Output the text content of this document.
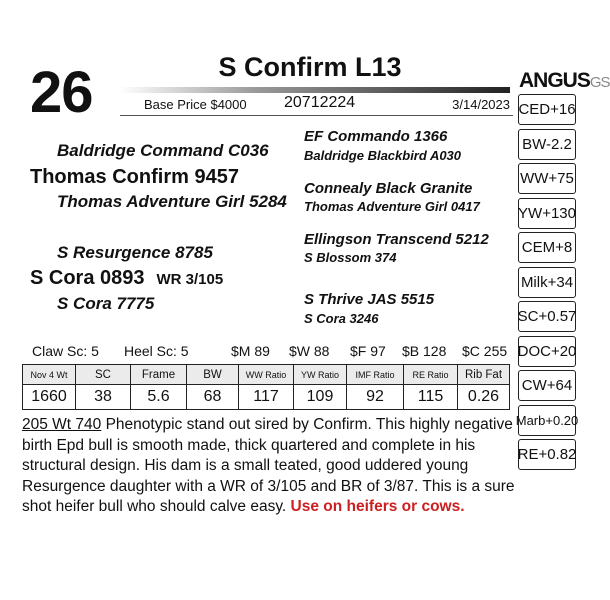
26	S Confirm L13
Base Price $4000 20712224	3/14/2023
ANGUSGS
CED+16
BW-2.2
WW+75
YW+130
CEM+8
Milk+34
SC+0.57
DOC+20
CW+64
Marb+0.20
RE+0.82
Baldridge Command C036
Thomas Confirm 9457
Thomas Adventure Girl 5284
S Resurgence 8785
S Cora 0893 WR 3/105
S Cora 7775
EF Commando 1366
Baldridge Blackbird A030
Connealy Black Granite
Thomas Adventure Girl 0417
Ellingson Transcend 5212
S Blossom 374
S Thrive JAS 5515
S Cora 3246
Claw Sc: 5 Heel Sc: 5	$M 89 $W 88 $F 97 $B 128 $C 255
Nov 4 Wt	SC	Frame	BW	WW Ratio	YW Ratio	IMF Ratio	RE Ratio	Rib Fat
1660	38	5.6	68	117	109	92	115	0.26
205 Wt 740 Phenotypic stand out sired by Confirm. This highly negative birth Epd bull is smooth made, thick quartered and complete in his structural design. His dam is a small teated, good uddered young Resurgence daughter with a WR of 3/105 and BR of 3/87. This is a sure shot heifer bull who should calve easy. Use on heifers or cows.
